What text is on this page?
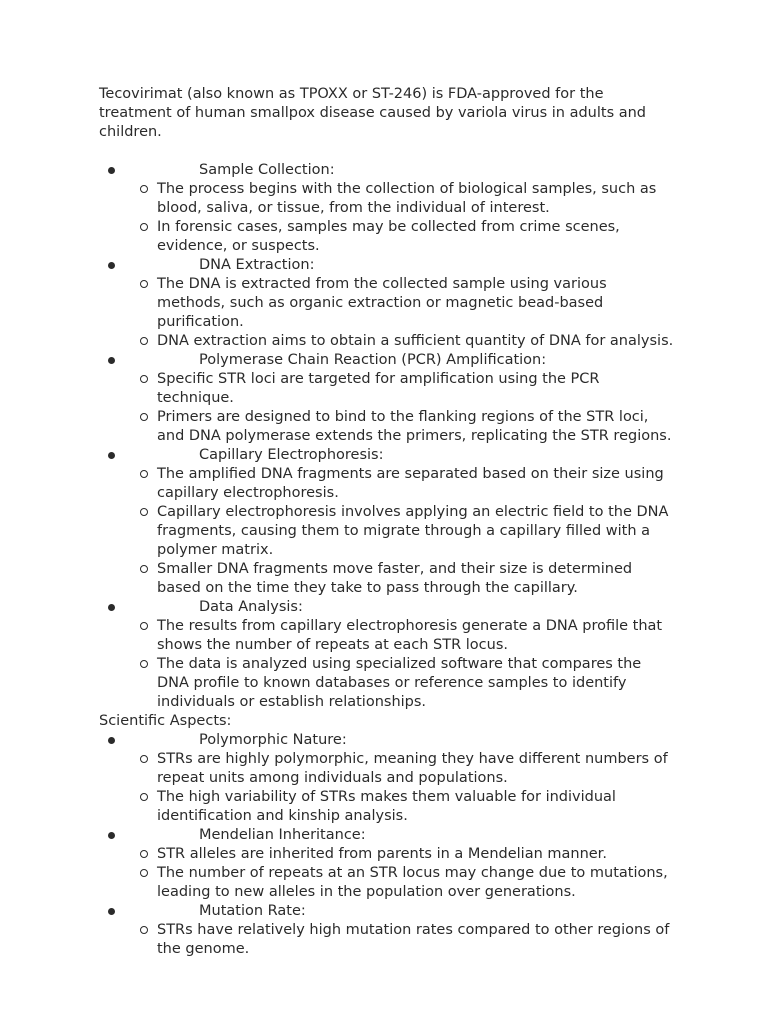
Tecovirimat (also known as TPOXX or ST-246) is FDA-approved for the treatment of human smallpox disease caused by variola virus in adults and children.

Sample Collection:
The process begins with the collection of biological samples, such as blood, saliva, or tissue, from the individual of interest.
In forensic cases, samples may be collected from crime scenes, evidence, or suspects.
DNA Extraction:
The DNA is extracted from the collected sample using various methods, such as organic extraction or magnetic bead-based purification.
DNA extraction aims to obtain a sufficient quantity of DNA for analysis.
Polymerase Chain Reaction (PCR) Amplification:
Specific STR loci are targeted for amplification using the PCR technique.
Primers are designed to bind to the flanking regions of the STR loci, and DNA polymerase extends the primers, replicating the STR regions.
Capillary Electrophoresis:
The amplified DNA fragments are separated based on their size using capillary electrophoresis.
Capillary electrophoresis involves applying an electric field to the DNA fragments, causing them to migrate through a capillary filled with a polymer matrix.
Smaller DNA fragments move faster, and their size is determined based on the time they take to pass through the capillary.
Data Analysis:
The results from capillary electrophoresis generate a DNA profile that shows the number of repeats at each STR locus.
The data is analyzed using specialized software that compares the DNA profile to known databases or reference samples to identify individuals or establish relationships.
Scientific Aspects:
Polymorphic Nature:
STRs are highly polymorphic, meaning they have different numbers of repeat units among individuals and populations.
The high variability of STRs makes them valuable for individual identification and kinship analysis.
Mendelian Inheritance:
STR alleles are inherited from parents in a Mendelian manner.
The number of repeats at an STR locus may change due to mutations, leading to new alleles in the population over generations.
Mutation Rate:
STRs have relatively high mutation rates compared to other regions of the genome.
